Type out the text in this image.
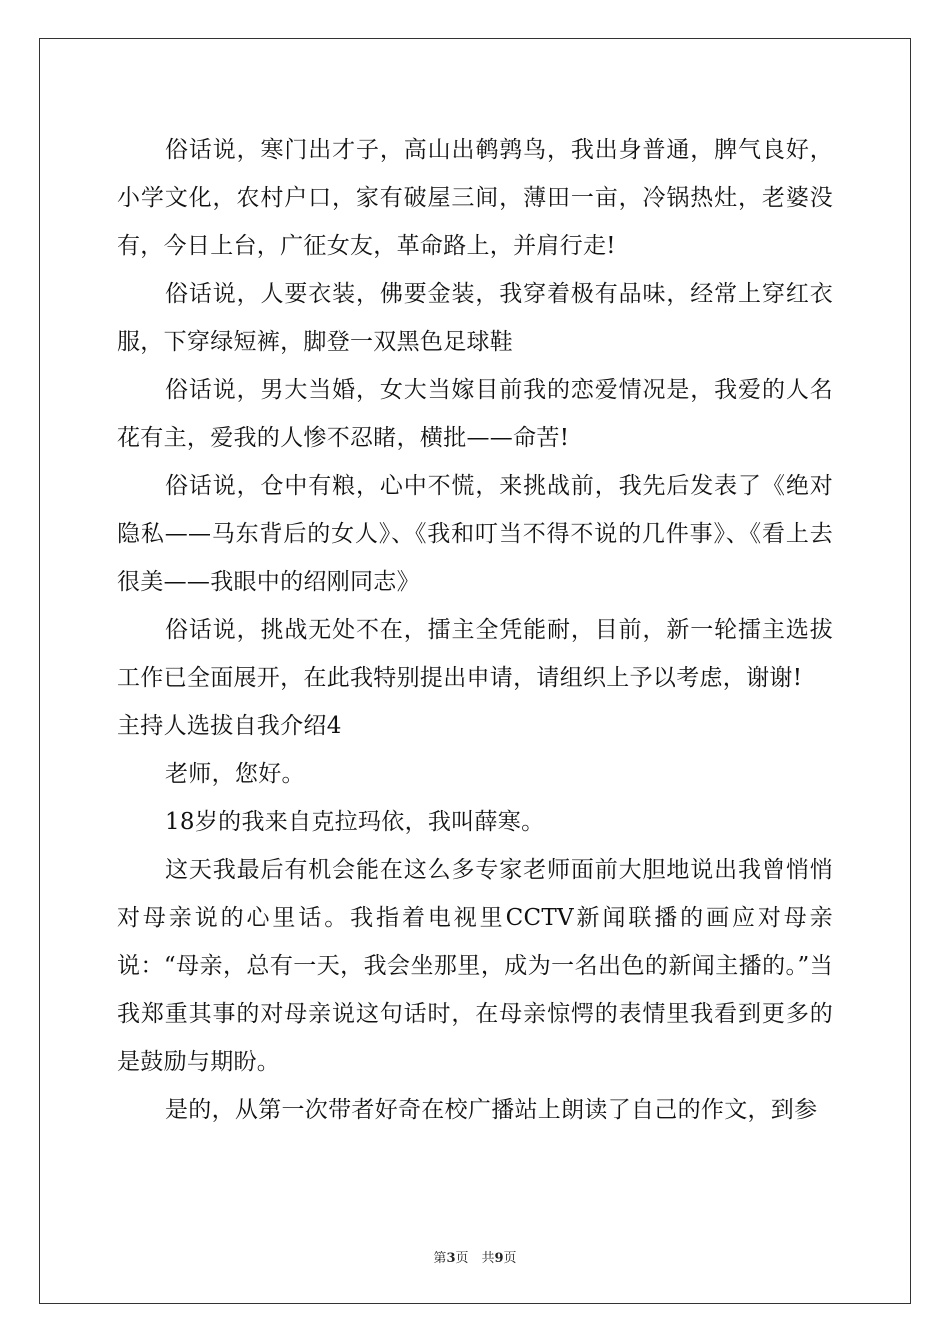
俗话说，寒门出才子，高山出鹌鹑鸟，我出身普通，脾气良好，小学文化，农村户口，家有破屋三间，薄田一亩，冷锅热灶，老婆没有，今日上台，广征女友，革命路上，并肩行走!

俗话说，人要衣装，佛要金装，我穿着极有品味，经常上穿红衣服，下穿绿短裤，脚登一双黑色足球鞋

俗话说，男大当婚，女大当嫁目前我的恋爱情况是，我爱的人名花有主，爱我的人惨不忍睹，横批——命苦!

俗话说，仓中有粮，心中不慌，来挑战前，我先后发表了《绝对隐私——马东背后的女人》、《我和叮当不得不说的几件事》、《看上去很美——我眼中的绍刚同志》

俗话说，挑战无处不在，擂主全凭能耐，目前，新一轮擂主选拔工作已全面展开，在此我特别提出申请，请组织上予以考虑，谢谢!

主持人选拔自我介绍4

老师，您好。

18岁的我来自克拉玛依，我叫薛寒。

这天我最后有机会能在这么多专家老师面前大胆地说出我曾悄悄对母亲说的心里话。我指着电视里CCTV新闻联播的画应对母亲说：“母亲，总有一天，我会坐那里，成为一名出色的新闻主播的。”当我郑重其事的对母亲说这句话时，在母亲惊愕的表情里我看到更多的是鼓励与期盼。

是的，从第一次带者好奇在校广播站上朗读了自己的作文，到参

第3页　共9页
